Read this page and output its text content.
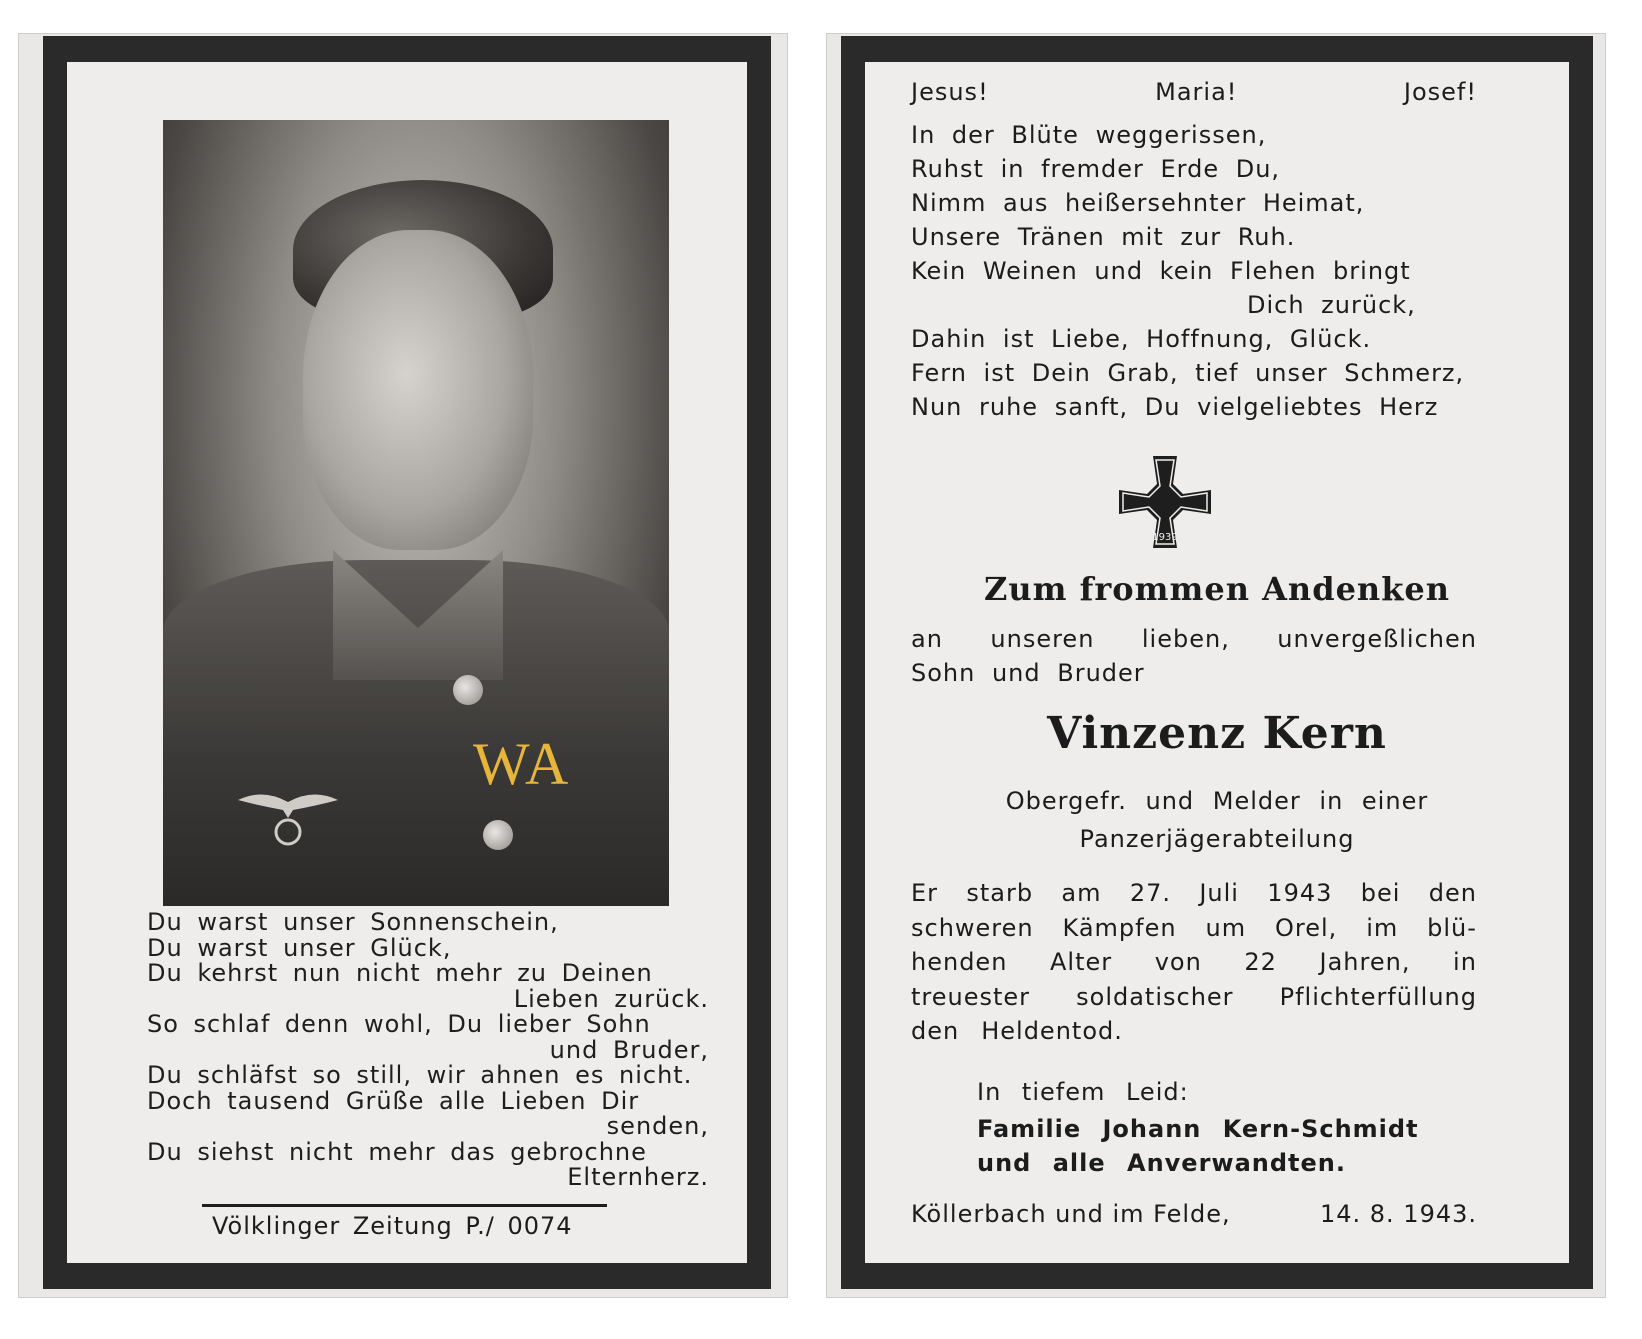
WA
Du warst unser Sonnenschein,
Du warst unser Glück,
Du kehrst nun nicht mehr zu Deinen
Lieben zurück.
So schlaf denn wohl, Du lieber Sohn
und Bruder,
Du schläfst so still, wir ahnen es nicht.
Doch tausend Grüße alle Lieben Dir
senden,
Du siehst nicht mehr das gebrochne
Elternherz.
Völklinger Zeitung P./ 0074
Jesus!	Maria!	Josef!
In der Blüte weggerissen,
Ruhst in fremder Erde Du,
Nimm aus heißersehnter Heimat,
Unsere Tränen mit zur Ruh.
Kein Weinen und kein Flehen bringt
Dich zurück,
Dahin ist Liebe, Hoffnung, Glück.
Fern ist Dein Grab, tief unser Schmerz,
Nun ruhe sanft, Du vielgeliebtes Herz
1939
Zum frommen Andenken
an unseren lieben, unvergeßlichen
Sohn und Bruder
Vinzenz Kern
Obergefr. und Melder in einer
Panzerjägerabteilung
Er starb am 27. Juli 1943 bei den
schweren Kämpfen um Orel, im blü-
henden Alter von 22 Jahren, in
treuester soldatischer Pflichterfüllung
den Heldentod.
In tiefem Leid:
Familie Johann Kern-Schmidt
und alle Anverwandten.
Köllerbach und im Felde,	14. 8. 1943.
